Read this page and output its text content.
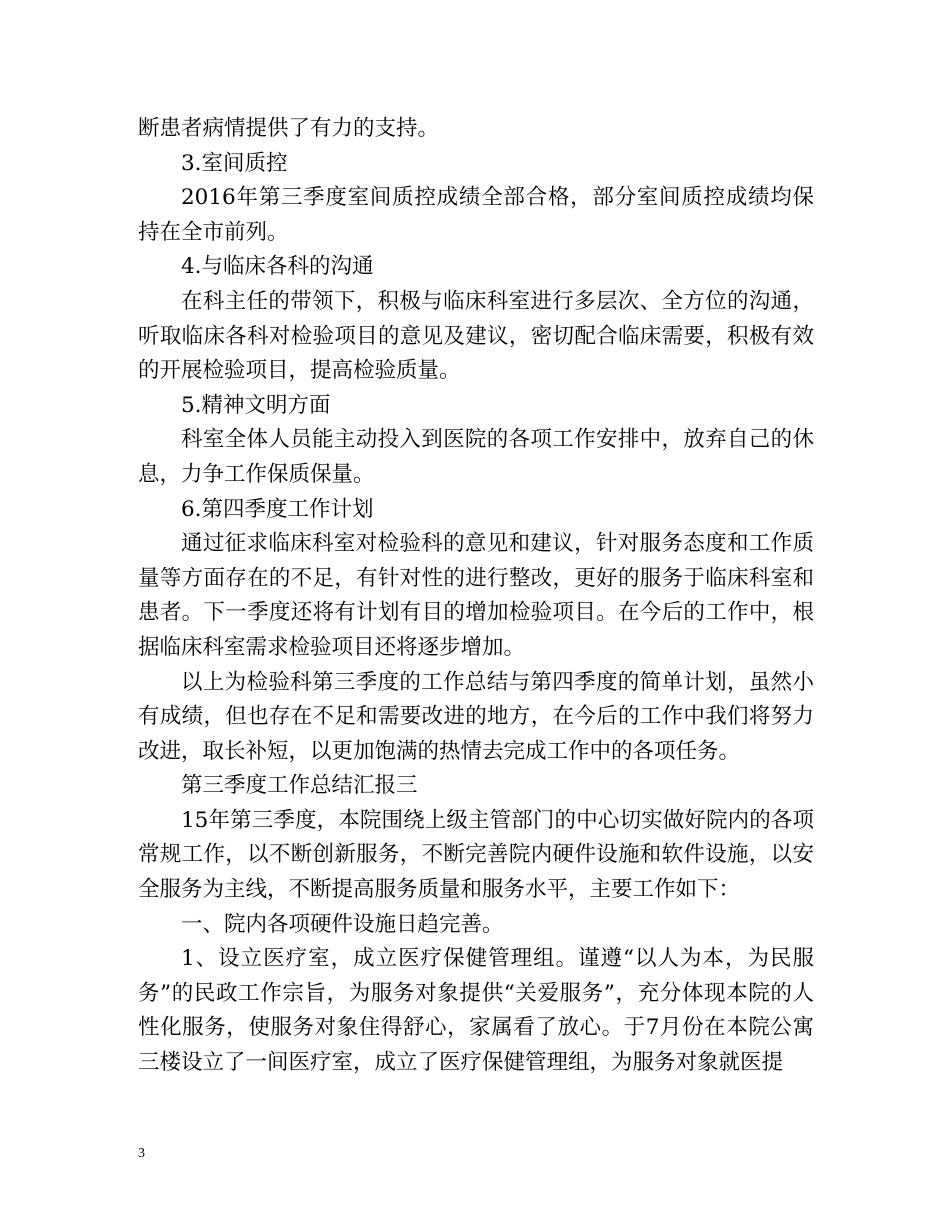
断患者病情提供了有力的支持。

3.室间质控

2016年第三季度室间质控成绩全部合格，部分室间质控成绩均保持在全市前列。

4.与临床各科的沟通

在科主任的带领下，积极与临床科室进行多层次、全方位的沟通，听取临床各科对检验项目的意见及建议，密切配合临床需要，积极有效的开展检验项目，提高检验质量。

5.精神文明方面

科室全体人员能主动投入到医院的各项工作安排中，放弃自己的休息，力争工作保质保量。

6.第四季度工作计划

通过征求临床科室对检验科的意见和建议，针对服务态度和工作质量等方面存在的不足，有针对性的进行整改，更好的服务于临床科室和患者。下一季度还将有计划有目的增加检验项目。在今后的工作中，根据临床科室需求检验项目还将逐步增加。

以上为检验科第三季度的工作总结与第四季度的简单计划，虽然小有成绩，但也存在不足和需要改进的地方，在今后的工作中我们将努力改进，取长补短，以更加饱满的热情去完成工作中的各项任务。

第三季度工作总结汇报三

15年第三季度，本院围绕上级主管部门的中心切实做好院内的各项常规工作，以不断创新服务，不断完善院内硬件设施和软件设施，以安全服务为主线，不断提高服务质量和服务水平，主要工作如下：

一、院内各项硬件设施日趋完善。

1、设立医疗室，成立医疗保健管理组。谨遵“以人为本，为民服务”的民政工作宗旨，为服务对象提供“关爱服务”，充分体现本院的人性化服务，使服务对象住得舒心，家属看了放心。于7月份在本院公寓三楼设立了一间医疗室，成立了医疗保健管理组，为服务对象就医提

3
